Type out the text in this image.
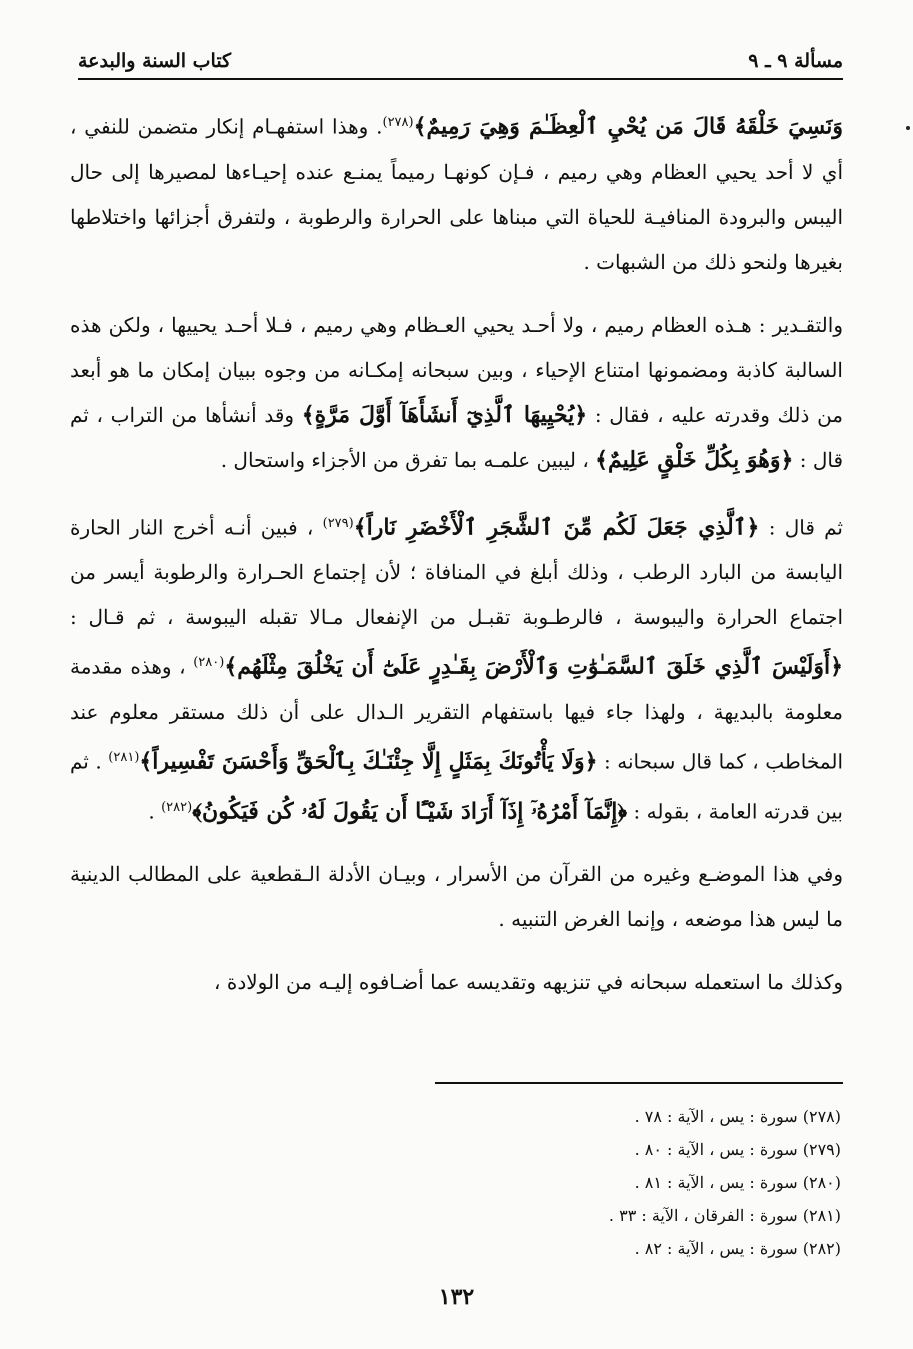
كتاب السنة والبدعة	مسألة ٩ ـ ٩

وَنَسِيَ خَلْقَهُ قَالَ مَن يُحْيِ ٱلْعِظَـٰمَ وَهِيَ رَمِيمٌ﴾$^{(٢٧٨)}$. وهذا استفهـام إنكار متضمن للنفي ، أي لا أحد يحيي العظام وهي رميم ، فـإن كونهـا رميماً يمنـع عنده إحيـاءها لمصيرها إلى حال اليبس والبرودة المنافيـة للحياة التي مبناها على الحرارة والرطوبة ، ولتفرق أجزائها واختلاطها بغيرها ولنحو ذلك من الشبهات .

والتقـدير : هـذه العظام رميم ، ولا أحـد يحيي العـظام وهي رميم ، فـلا أحـد يحييها ، ولكن هذه السالبة كاذبة ومضمونها امتناع الإحياء ، وبين سبحانه إمكـانه من وجوه ببيان إمكان ما هو أبعد من ذلك وقدرته عليه ، فقال : ﴿يُحْيِيهَا ٱلَّذِيٓ أَنشَأَهَآ أَوَّلَ مَرَّةٍ﴾ وقد أنشأها من التراب ، ثم قال : ﴿وَهُوَ بِكُلِّ خَلْقٍ عَلِيمٌ﴾ ، ليبين علمـه بما تفرق من الأجزاء واستحال .

ثم قال : ﴿ٱلَّذِي جَعَلَ لَكُم مِّنَ ٱلشَّجَرِ ٱلْأَخْضَرِ نَاراً﴾$^{(٢٧٩)}$ ، فبين أنـه أخرج النار الحارة اليابسة من البارد الرطب ، وذلك أبلغ في المنافاة ؛ لأن إجتماع الحـرارة والرطوبة أيسر من اجتماع الحرارة واليبوسة ، فالرطـوبة تقبـل من الإنفعال مـالا تقبله اليبوسة ، ثم قـال : ﴿أَوَلَيْسَ ٱلَّذِي خَلَقَ ٱلسَّمَـٰوَٰتِ وَٱلْأَرْضَ بِقَـٰدِرٍ عَلَىٰٓ أَن يَخْلُقَ مِثْلَهُم﴾$^{(٢٨٠)}$ ، وهذه مقدمة معلومة بالبديهة ، ولهذا جاء فيها باستفهام التقرير الـدال على أن ذلك مستقر معلوم عند المخاطب ، كما قال سبحانه : ﴿وَلَا يَأْتُونَكَ بِمَثَلٍ إِلَّا جِئْنَـٰكَ بِٱلْحَقِّ وَأَحْسَنَ تَفْسِيراً﴾$^{(٢٨١)}$ . ثم بين قدرته العامة ، بقوله : ﴿إِنَّمَآ أَمْرُهُۥٓ إِذَآ أَرَادَ شَيْـًٔا أَن يَقُولَ لَهُۥ كُن فَيَكُونُ﴾$^{(٢٨٢)}$ .

وفي هذا الموضـع وغيره من القرآن من الأسرار ، وبيـان الأدلة الـقطعية على المطالب الدينية ما ليس هذا موضعه ، وإنما الغرض التنبيه .

وكذلك ما استعمله سبحانه في تنزيهه وتقديسه عما أضـافوه إليـه من الولادة ،

(٢٧٨) سورة : يس ، الآية : ٧٨ .
(٢٧٩) سورة : يس ، الآية : ٨٠ .
(٢٨٠) سورة : يس ، الآية : ٨١ .
(٢٨١) سورة : الفرقان ، الآية : ٣٣ .
(٢٨٢) سورة : يس ، الآية : ٨٢ .
١٣٢
